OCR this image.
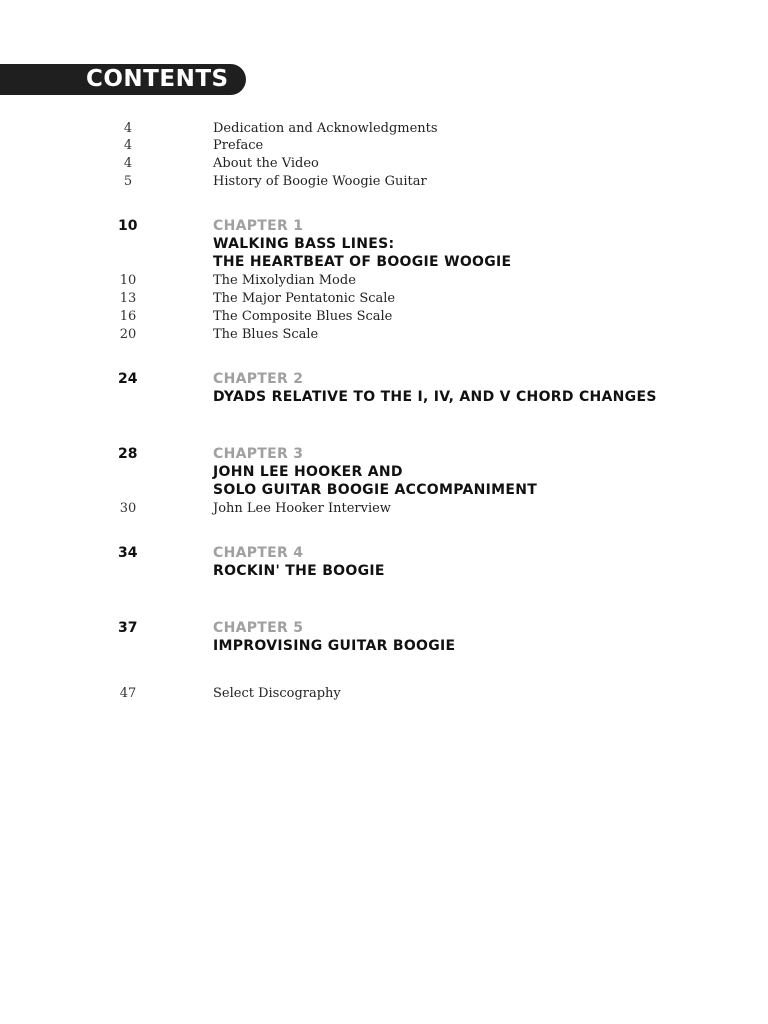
CONTENTS
4	Dedication and Acknowledgments
4	Preface
4	About the Video
5	History of Boogie Woogie Guitar
10	CHAPTER 1
WALKING BASS LINES:
THE HEARTBEAT OF BOOGIE WOOGIE
10	The Mixolydian Mode
13	The Major Pentatonic Scale
16	The Composite Blues Scale
20	The Blues Scale
24	CHAPTER 2
DYADS RELATIVE TO THE I, IV, AND V CHORD CHANGES
28	CHAPTER 3
JOHN LEE HOOKER AND
SOLO GUITAR BOOGIE ACCOMPANIMENT
30	John Lee Hooker Interview
34	CHAPTER 4
ROCKIN' THE BOOGIE
37	CHAPTER 5
IMPROVISING GUITAR BOOGIE
47	Select Discography
